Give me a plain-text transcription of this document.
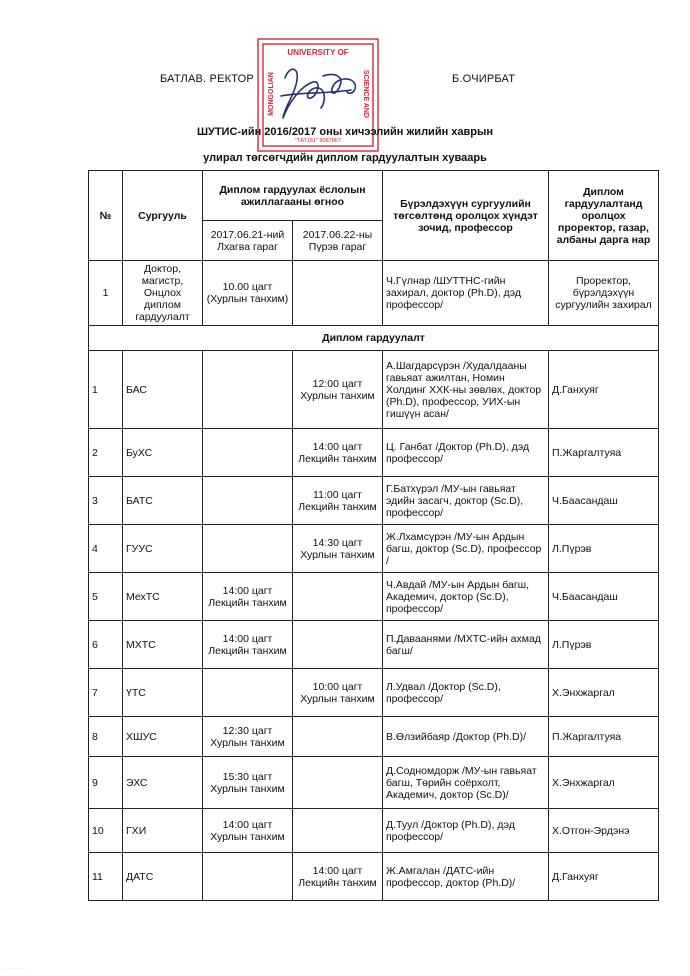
БАТЛАВ. РЕКТОР	Б.ОЧИРБАТ
UNIVERSITY OF
MONGOLIAN	SCIENCE AND
"ТАТ161" 9087867
ШУТИС-ийн 2016/2017 оны хичээлийн жилийн хаврын
улирал төгсөгчдийн диплом гардуулалтын хуваарь
№	Сургууль	Диплом гардуулах ёслолын ажиллагааны өгноо		Бүрэлдэхүүн сургуулийн төгсөлтөнд оролцох хүндэт зочид, профессор	Диплом гардуулалтанд оролцох проректор, газар, албаны дарга нар
		2017.06.21-ний Лхагва гараг	2017.06.22-ны Пүрэв гараг		
1	Доктор, магистр, Онцлох диплом гардуулалт	10.00 цагт (Хурлын танхим)		Ч.Гүлнар /ШУТТНС-гийн захирал, доктор (Ph.D), дэд профессор/	Проректор, бүрэлдэхүүн сургуулийн захирал
Диплом гардуулалт					
1	БАС		12:00 цагт Хурлын танхим	А.Шагдарсүрэн /Худалдааны гавьяат ажилтан, Номин Холдинг ХХК-ны зөвлөх, доктор (Ph.D), профессор, УИХ-ын гишүүн асан/	Д.Ганхуяг
2	БуХС		14:00 цагт Лекцийн танхим	Ц. Ганбат /Доктор (Ph.D), дэд профессор/	П.Жаргалтуяа
3	БАТС		11:00 цагт Лекцийн танхим	Г.Батхүрэл /МУ-ын гавьяат эдийн засагч, доктор (Sc.D), профессор/	Ч.Баасандаш
4	ГУУС		14:30 цагт Хурлын танхим	Ж.Лхамсүрэн /МУ-ын Ардын багш, доктор (Sc.D), профессор /	Л.Пүрэв
5	МехТС	14:00 цагт Лекцийн танхим		Ч.Авдай /МУ-ын Ардын багш, Академич, доктор (Sc.D), профессор/	Ч.Баасандаш
6	МХТС	14:00 цагт Лекцийн танхим		П.Даваанями /МХТС-ийн ахмад багш/	Л.Пүрэв
7	ҮТС		10:00 цагт Хурлын танхим	Л.Удвал /Доктор (Sc.D), профессор/	Х.Энхжаргал
8	ХШУС	12:30 цагт Хурлын танхим		В.Өлзийбаяр /Доктор (Ph.D)/	П.Жаргалтуяа
9	ЭХС	15:30 цагт Хурлын танхим		Д.Содномдорж /МУ-ын гавьяат багш, Төрийн соёрхолт, Академич, доктор (Sc.D)/	Х.Энхжаргал
10	ГХИ	14:00 цагт Хурлын танхим		Д.Туул /Доктор (Ph.D), дэд профессор/	Х.Отгон-Эрдэнэ
11	ДАТС		14:00 цагт Лекцийн танхим	Ж.Амгалан /ДАТС-ийн профессор, доктор (Ph.D)/	Д.Ганхуяг
·········
